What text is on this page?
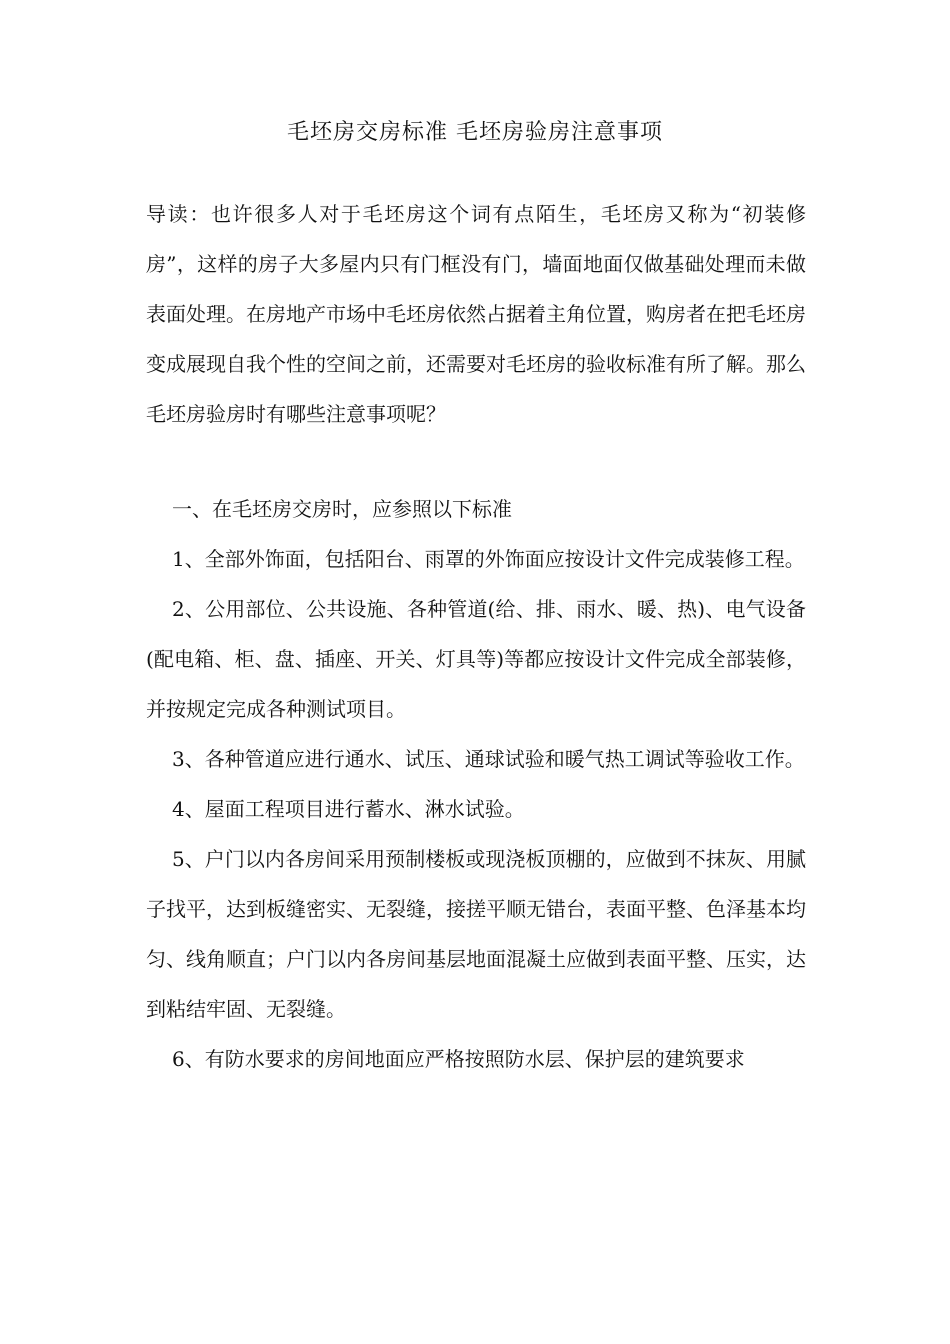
毛坯房交房标准 毛坯房验房注意事项

导读：也许很多人对于毛坯房这个词有点陌生，毛坯房又称为“初装修房”，这样的房子大多屋内只有门框没有门，墙面地面仅做基础处理而未做表面处理。在房地产市场中毛坯房依然占据着主角位置，购房者在把毛坯房变成展现自我个性的空间之前，还需要对毛坯房的验收标准有所了解。那么毛坯房验房时有哪些注意事项呢？

一、在毛坯房交房时，应参照以下标准

1、全部外饰面，包括阳台、雨罩的外饰面应按设计文件完成装修工程。

2、公用部位、公共设施、各种管道(给、排、雨水、暖、热)、电气设备(配电箱、柜、盘、插座、开关、灯具等)等都应按设计文件完成全部装修，并按规定完成各种测试项目。

3、各种管道应进行通水、试压、通球试验和暖气热工调试等验收工作。

4、屋面工程项目进行蓄水、淋水试验。

5、户门以内各房间采用预制楼板或现浇板顶棚的，应做到不抹灰、用腻子找平，达到板缝密实、无裂缝，接搓平顺无错台，表面平整、色泽基本均匀、线角顺直；户门以内各房间基层地面混凝土应做到表面平整、压实，达到粘结牢固、无裂缝。

6、有防水要求的房间地面应严格按照防水层、保护层的建筑要求
